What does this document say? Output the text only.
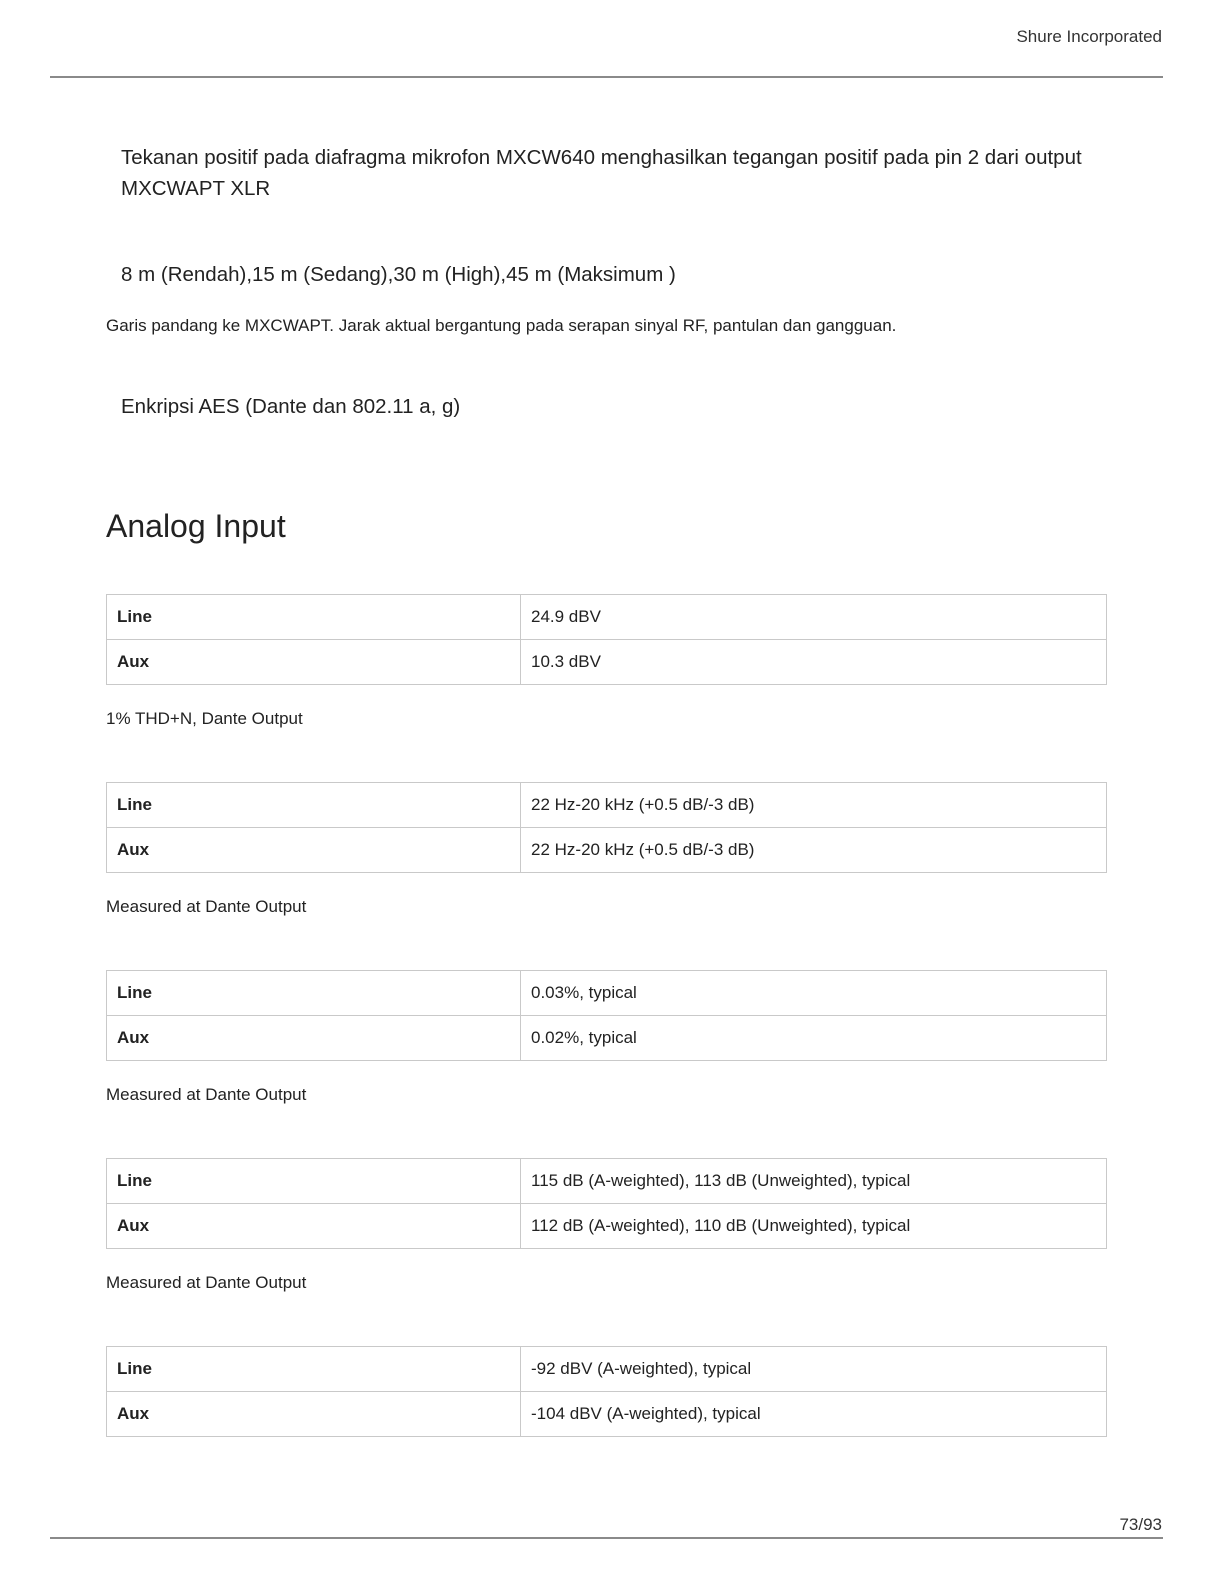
Shure Incorporated
Tekanan positif pada diafragma mikrofon MXCW640 menghasilkan tegangan positif pada pin 2 dari output MXCWAPT XLR
8 m (Rendah),15 m (Sedang),30 m (High),45 m (Maksimum )
Garis pandang ke MXCWAPT. Jarak aktual bergantung pada serapan sinyal RF, pantulan dan gangguan.
Enkripsi AES (Dante dan 802.11 a, g)
Analog Input
Line	24.9 dBV
Aux	10.3 dBV
1% THD+N, Dante Output
Line	22 Hz-20 kHz (+0.5 dB/-3 dB)
Aux	22 Hz-20 kHz (+0.5 dB/-3 dB)
Measured at Dante Output
Line	0.03%, typical
Aux	0.02%, typical
Measured at Dante Output
Line	115 dB (A-weighted), 113 dB (Unweighted), typical
Aux	112 dB (A-weighted), 110 dB (Unweighted), typical
Measured at Dante Output
Line	-92 dBV (A-weighted), typical
Aux	-104 dBV (A-weighted), typical
73/93
